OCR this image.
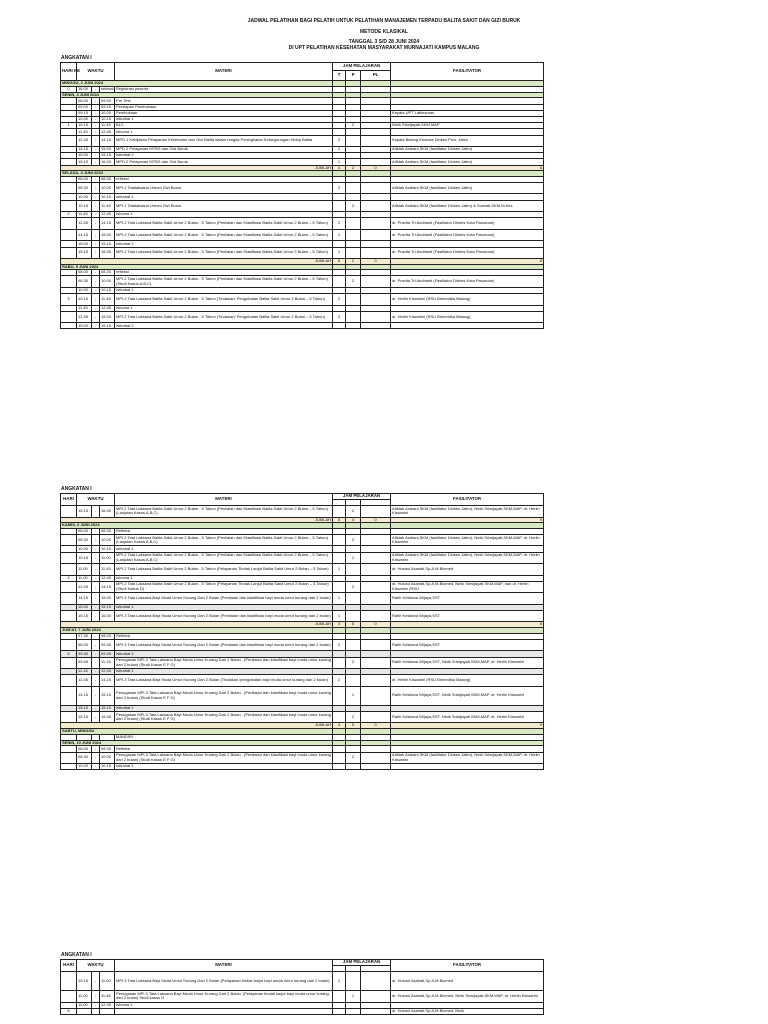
JADWAL PELATIHAN BAGI PELATIH UNTUK PELATIHAN MANAJEMEN TERPADU BALITA SAKIT DAN GIZI BURUK
METODE KLASIKAL
TANGGAL 3 S/D 28 JUNI 2024
DI UPT PELATIHAN KESEHATAN MASYARAKAT MURNAJATI KAMPUS MALANG
ANGKATAN I
HARI KE	WAKTU			MATERI	JAM PELAJARAN			FASILITATOR
					T	P	PL	
MINGGU, 2 JUNI 2024								
0	16.00	-	selesai	Registrasi peserta				
SENIN, 3 JUNI 2024								
	08.00	-	09.00	Pre Test				
	09.00	-	09.15	Persiapan Pembukaan				
	09.15	-	10.00	Pembukaan				Kepala UPT Latkesmas
	10.00	-	10.15	Istirahat 1				
1	10.15	-	11.45	BLC		2		Ninik Sriwijayati,SKM,MAP
	11.45	-	12.45	Ishoma 1				
	12.45	-	14.15	MPD.1 Kebijakan Pelayanan Kesehatan dan Gizi Balita dalam rangka Peningkatan Kelangsungan Hidup Balita	2			Kepala Bidang Kesmas Dinkes Prov. Jatim
	14.15	-	15.00	MPD.2 Pelayanan MTBS dan Gizi Buruk	1			Alfidah Andiani,SKM (fasilitator Dinkes Jatim)
	15.00	-	15.15	Istirahat 2				
	15.15	-	16.00	MPD.2 Pelayanan MTBS dan Gizi Buruk	1			Alfidah Andiani,SKM (fasilitator Dinkes Jatim)
JUMLAH					4	2	0	6
SELASA, 4 JUNI 2024								
	08.00	-	08.30	refleksi				
	08.30	-	10.00	MPI.1 Tatalaksana Umum Gizi Buruk	2			Alfidah Andiani,SKM (fasilitator Dinkes Jatim)
	10.00	-	10.15	Istirahat 1				
	10.15	-	11.45	MPI.1 Tatalaksana Umum Gizi Buruk		2		Alfidah Andiani,SKM (fasilitator Dinkes Jatim) & Sumiati,SKM,M.Kes
2	11.45	-	12.45	Ishoma 1				
	12.45	-	14.15	MPI.2 Tata Laksana Balita Sakit Umur 2 Bulan - 5 Tahun (Penilaian dan Klasifikasi Balita Sakit Umur 2 Bulan – 5 Tahun)	2			dr. Pravita Tri Andrianti (Fasilitator Dinkes Kota Pasuruan)
	14.15	-	15.00	MPI.2 Tata Laksana Balita Sakit Umur 2 Bulan - 5 Tahun (Penilaian dan Klasifikasi Balita Sakit Umur 2 Bulan – 5 Tahun)	1			dr. Pravita Tri Andrianti (Fasilitator Dinkes Kota Pasuruan)
	15.00	-	15.15	Istirahat 2				
	15.15	-	16.00	MPI.2 Tata Laksana Balita Sakit Umur 2 Bulan - 5 Tahun (Penilaian dan Klasifikasi Balita Sakit Umur 2 Bulan – 5 Tahun)	1			dr. Pravita Tri Andrianti (Fasilitator Dinkes Kota Pasuruan)
JUMLAH					6	2	0	8
RABU, 5 JUNI 2024								
	08.00	-	08.30	refleksi				
	08.30	-	10.00	MPI.2 Tata Laksana Balita Sakit Umur 2 Bulan - 5 Tahun (Penilaian dan Klasifikasi Balita Sakit Umur 2 Bulan – 5 Tahun) (Studi Kasus A,B,C)		2		dr. Pravita Tri Andrianti (Fasilitator Dinkes Kota Pasuruan)
	10.00	-	10.15	Istirahat 1				
3	10.15	-	11.45	MPI.2 Tata Laksana Balita Sakit Umur 2 Bulan - 5 Tahun (Tindakan/ Pengobatan Balita Sakit Umur 2 Bulan – 5 Tahun)	2			dr. Herlin Kiswarini (RSU Brimedika Malang)
	11.45	-	12.45	Ishoma 1				
	12.45	-	15.00	MPI.2 Tata Laksana Balita Sakit Umur 2 Bulan - 5 Tahun (Tindakan/ Pengobatan Balita Sakit Umur 2 Bulan – 5 Tahun)	3			dr. Herlin Kiswarini (RSU Brimedika Malang)
	15.00	-	15.15	Istirahat 2				
ANGKATAN I
HARI	WAKTU			MATERI	JAM PELAJARAN			FASILITATOR

	15.15	-	16.45	MPI.2 Tata Laksana Balita Sakit Umur 2 Bulan - 5 Tahun (Penilaian dan Klasifikasi Balita Sakit Umur 2 Bulan – 5 Tahun) (Lanjutan Kasus A,B,C)		2		Alfidah Andiani,SKM (fasilitator Dinkes Jatim), Ninik Sriwijayati,SKM,MAP, dr. Herlin Kiswarini
JUMLAH					5	4	0	9
KAMIS, 6 JUNI 2024								
	08.00	-	08.30	Refleksi				
	08.30	-	10.00	MPI.2 Tata Laksana Balita Sakit Umur 2 Bulan - 5 Tahun (Penilaian dan Klasifikasi Balita Sakit Umur 2 Bulan – 5 Tahun) (Lanjutan Kasus A,B,C)		2		Alfidah Andiani,SKM (fasilitator Dinkes Jatim), Ninik Sriwijayati,SKM,MAP, dr. Herlin Kiswarini
	10.00	-	10.15	Istirahat 1				
	10.15	-	11.00	MPI.2 Tata Laksana Balita Sakit Umur 2 Bulan - 5 Tahun (Penilaian dan Klasifikasi Balita Sakit Umur 2 Bulan – 5 Tahun) (Lanjutan Kasus A,B,C)		1		Alfidah Andiani,SKM (fasilitator Dinkes Jatim), Ninik Sriwijayati,SKM,MAP, dr. Herlin Kiswarini
	11.00	-	11.45	MPI.2 Tata Laksana Balita Sakit Umur 2 Bulan - 5 Tahun (Pelayanan Tindak Lanjut Balita Sakit Umur 2 Bulan – 5 Tahun)	1			dr. Husnul Asariati,Sp.A,M.Biomed
4	11.00	-	12.45	Ishoma 1				
	12.45	-	14.15	MPI.2 Tata Laksana Balita Sakit Umur 2 Bulan - 5 Tahun (Pelayanan Tindak Lanjut Balita Sakit Umur 2 Bulan – 5 Tahun) (Studi Kasus D)		2		dr. Husnul Asariati,Sp.A,M.Biomed, Ninik Sriwijayati,SKM,MAP, dan dr. Herlin Kiswarini (RSU
	14.15	-	15.00	MPI.3 Tata Laksana Bayi Muda Umur Kurang Dari 2 Bulan (Penilaian dan klasifikasi bayi muda umur kurang dari 2 bulan)	1			Ratih Kristiana Wijaya,SST
	15.00	-	15.15	Istirahat 1				
	15.15	-	16.00	MPI.3 Tata Laksana Bayi Muda Umur Kurang Dari 2 Bulan (Penilaian dan klasifikasi bayi muda umur kurang dari 2 bulan)	1			Ratih Kristiana Wijaya,SST
JUMLAH					3	5	0	8
JUM'AT, 7 JUNI 2024								
	07.30	-	08.00	Refleksi				
	08.00	-	09.30	MPI.3 Tata Laksana Bayi Muda Umur Kurang Dari 2 Bulan (Penilaian dan klasifikasi bayi muda umur kurang dari 2 bulan)	2			Ratih Kristiana Wijaya,SST
5	09.30	-	09.45	Istirahat 1				
	09.45	-	11.15	Penugasan MPI.3 Tata Laksana Bayi Muda Umur Kurang Dari 2 Bulan . (Penilaian dan klasifikasi bayi muda umur kurang dari 2 bulan) (Studi Kasus E F G)		2		Ratih Kristiana Wijaya,SST, Ninik Sriwijayati,SKM,MAP, dr. Herlin Kiswarini
	11.15	-	12.45	Istirahat 1				
	12.45	-	14.15	MPI.3 Tata Laksana Bayi Muda Umur Kurang Dari 2 Bulan (Tindakan /pengobatan bayi muda umur kurang dari 2 bulan)	2			dr. Herlin Kiswarini (RSU Brimedika Malang)
	14.15	-	15.15	Penugasan MPI.3 Tata Laksana Bayi Muda Umur Kurang Dari 2 Bulan . (Penilaian dan klasifikasi bayi muda umur kurang dari 2 bulan) (Studi Kasus E F G)		1		Ratih Kristiana Wijaya,SST, Ninik Sriwijayati,SKM,MAP, dr. Herlin Kiswarini
	15.15	-	15.15	Istirahat 1				
	15.15	-	16.45	Penugasan MPI.3 Tata Laksana Bayi Muda Umur Kurang Dari 2 Bulan . (Penilaian dan klasifikasi bayi muda umur kurang dari 2 bulan) (Studi Kasus E F G)		2		Ratih Kristiana Wijaya,SST, Ninik Sriwijayati,SKM,MAP, dr. Herlin Kiswarini
JUMLAH					4	5	0	9
SABTU, MINGGU								
				MANDIRI				
SENIN, 10 JUNI 2024								
	08.00	-	08.30	Refleksi				
	08.30	-	10.00	Penugasan MPI.3 Tata Laksana Bayi Muda Umur Kurang Dari 2 Bulan . (Penilaian dan klasifikasi bayi muda umur kurang dari 2 bulan) (Studi Kasus E F G)		2		Alfidah Andiani,SKM (fasilitator Dinkes Jatim), Ninik Sriwijayati,SKM,MAP, dr. Herlin Kiswarini
	10.00	-	10.15	Istirahat 1				
ANGKATAN I
HARI	WAKTU			MATERI	JAM PELAJARAN			FASILITATOR

	10.15	-	11.00	MPI.3 Tata Laksana Bayi Muda Umur Kurang Dari 2 Bulan (Pelayanan tindak lanjut bayi muda umur kurang dari 2 bulan)	1			dr. Husnul Asariati,Sp.A,M.Biomed
	11.00	-	11.45	Penugasan MPI 3 Tata Laksana Bayi Muda Umur Kurang Dari 2 Bulan. (Pelayanan tindak lanjut bayi muda umur kurang dari 2 bulan) Studi kasus H		1		dr. Husnul Asariati,Sp.A,M.Biomed, Ninik Sriwijayati,SKM,MAP, dr. Herlin Kiswarini
	11.00	-	12.45	Ishoma 1				
6								dr. Husnul Asariati,Sp.A,M.Biomed, Ninik
